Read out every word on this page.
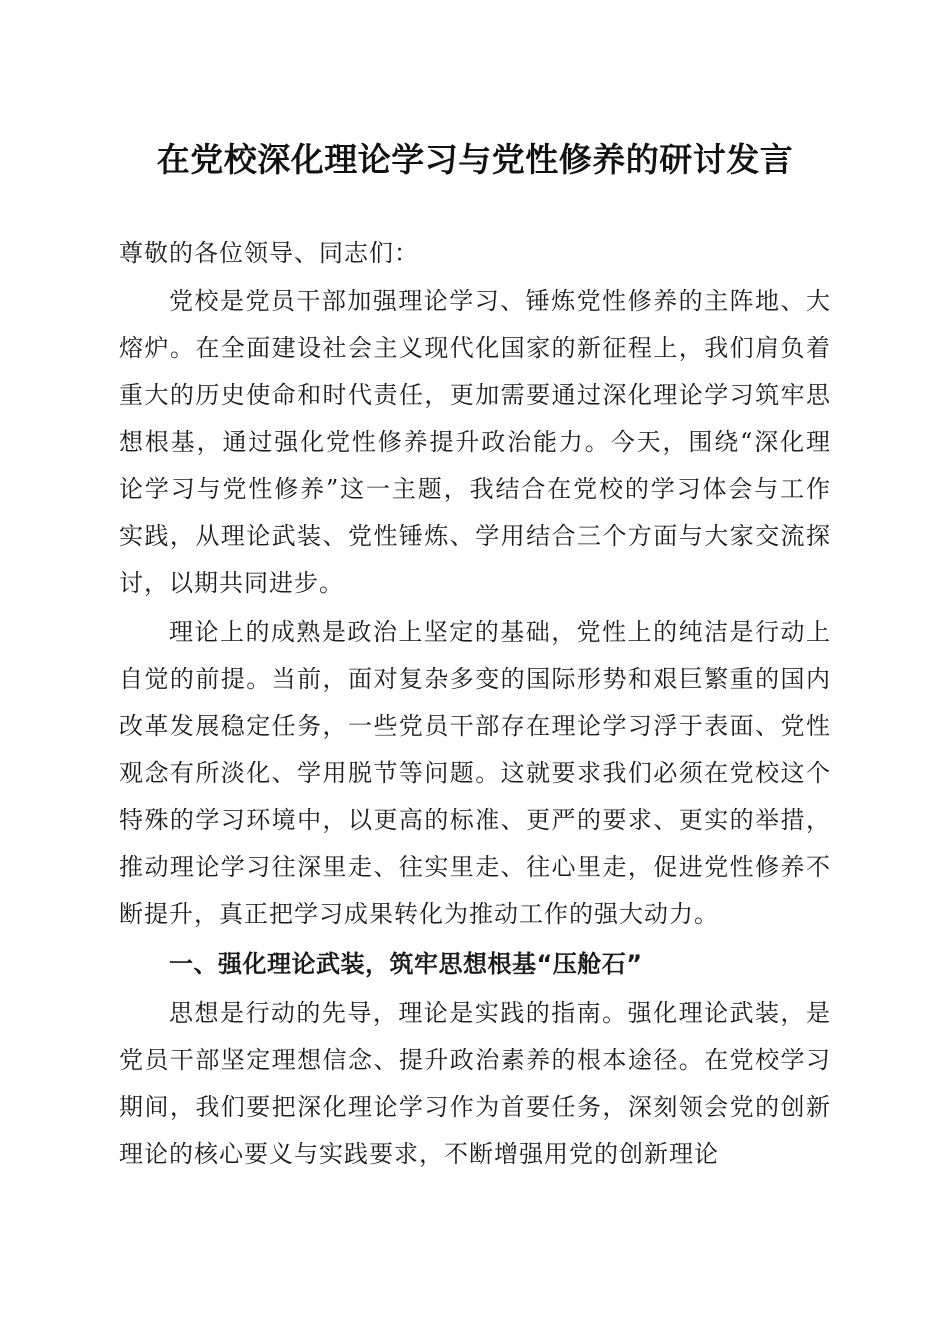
在党校深化理论学习与党性修养的研讨发言

尊敬的各位领导、同志们：

党校是党员干部加强理论学习、锤炼党性修养的主阵地、大熔炉。在全面建设社会主义现代化国家的新征程上，我们肩负着重大的历史使命和时代责任，更加需要通过深化理论学习筑牢思想根基，通过强化党性修养提升政治能力。今天，围绕“深化理论学习与党性修养”这一主题，我结合在党校的学习体会与工作实践，从理论武装、党性锤炼、学用结合三个方面与大家交流探讨，以期共同进步。

理论上的成熟是政治上坚定的基础，党性上的纯洁是行动上自觉的前提。当前，面对复杂多变的国际形势和艰巨繁重的国内改革发展稳定任务，一些党员干部存在理论学习浮于表面、党性观念有所淡化、学用脱节等问题。这就要求我们必须在党校这个特殊的学习环境中，以更高的标准、更严的要求、更实的举措，推动理论学习往深里走、往实里走、往心里走，促进党性修养不断提升，真正把学习成果转化为推动工作的强大动力。

一、强化理论武装，筑牢思想根基“压舱石”

思想是行动的先导，理论是实践的指南。强化理论武装，是党员干部坚定理想信念、提升政治素养的根本途径。在党校学习期间，我们要把深化理论学习作为首要任务，深刻领会党的创新理论的核心要义与实践要求，不断增强用党的创新理论
